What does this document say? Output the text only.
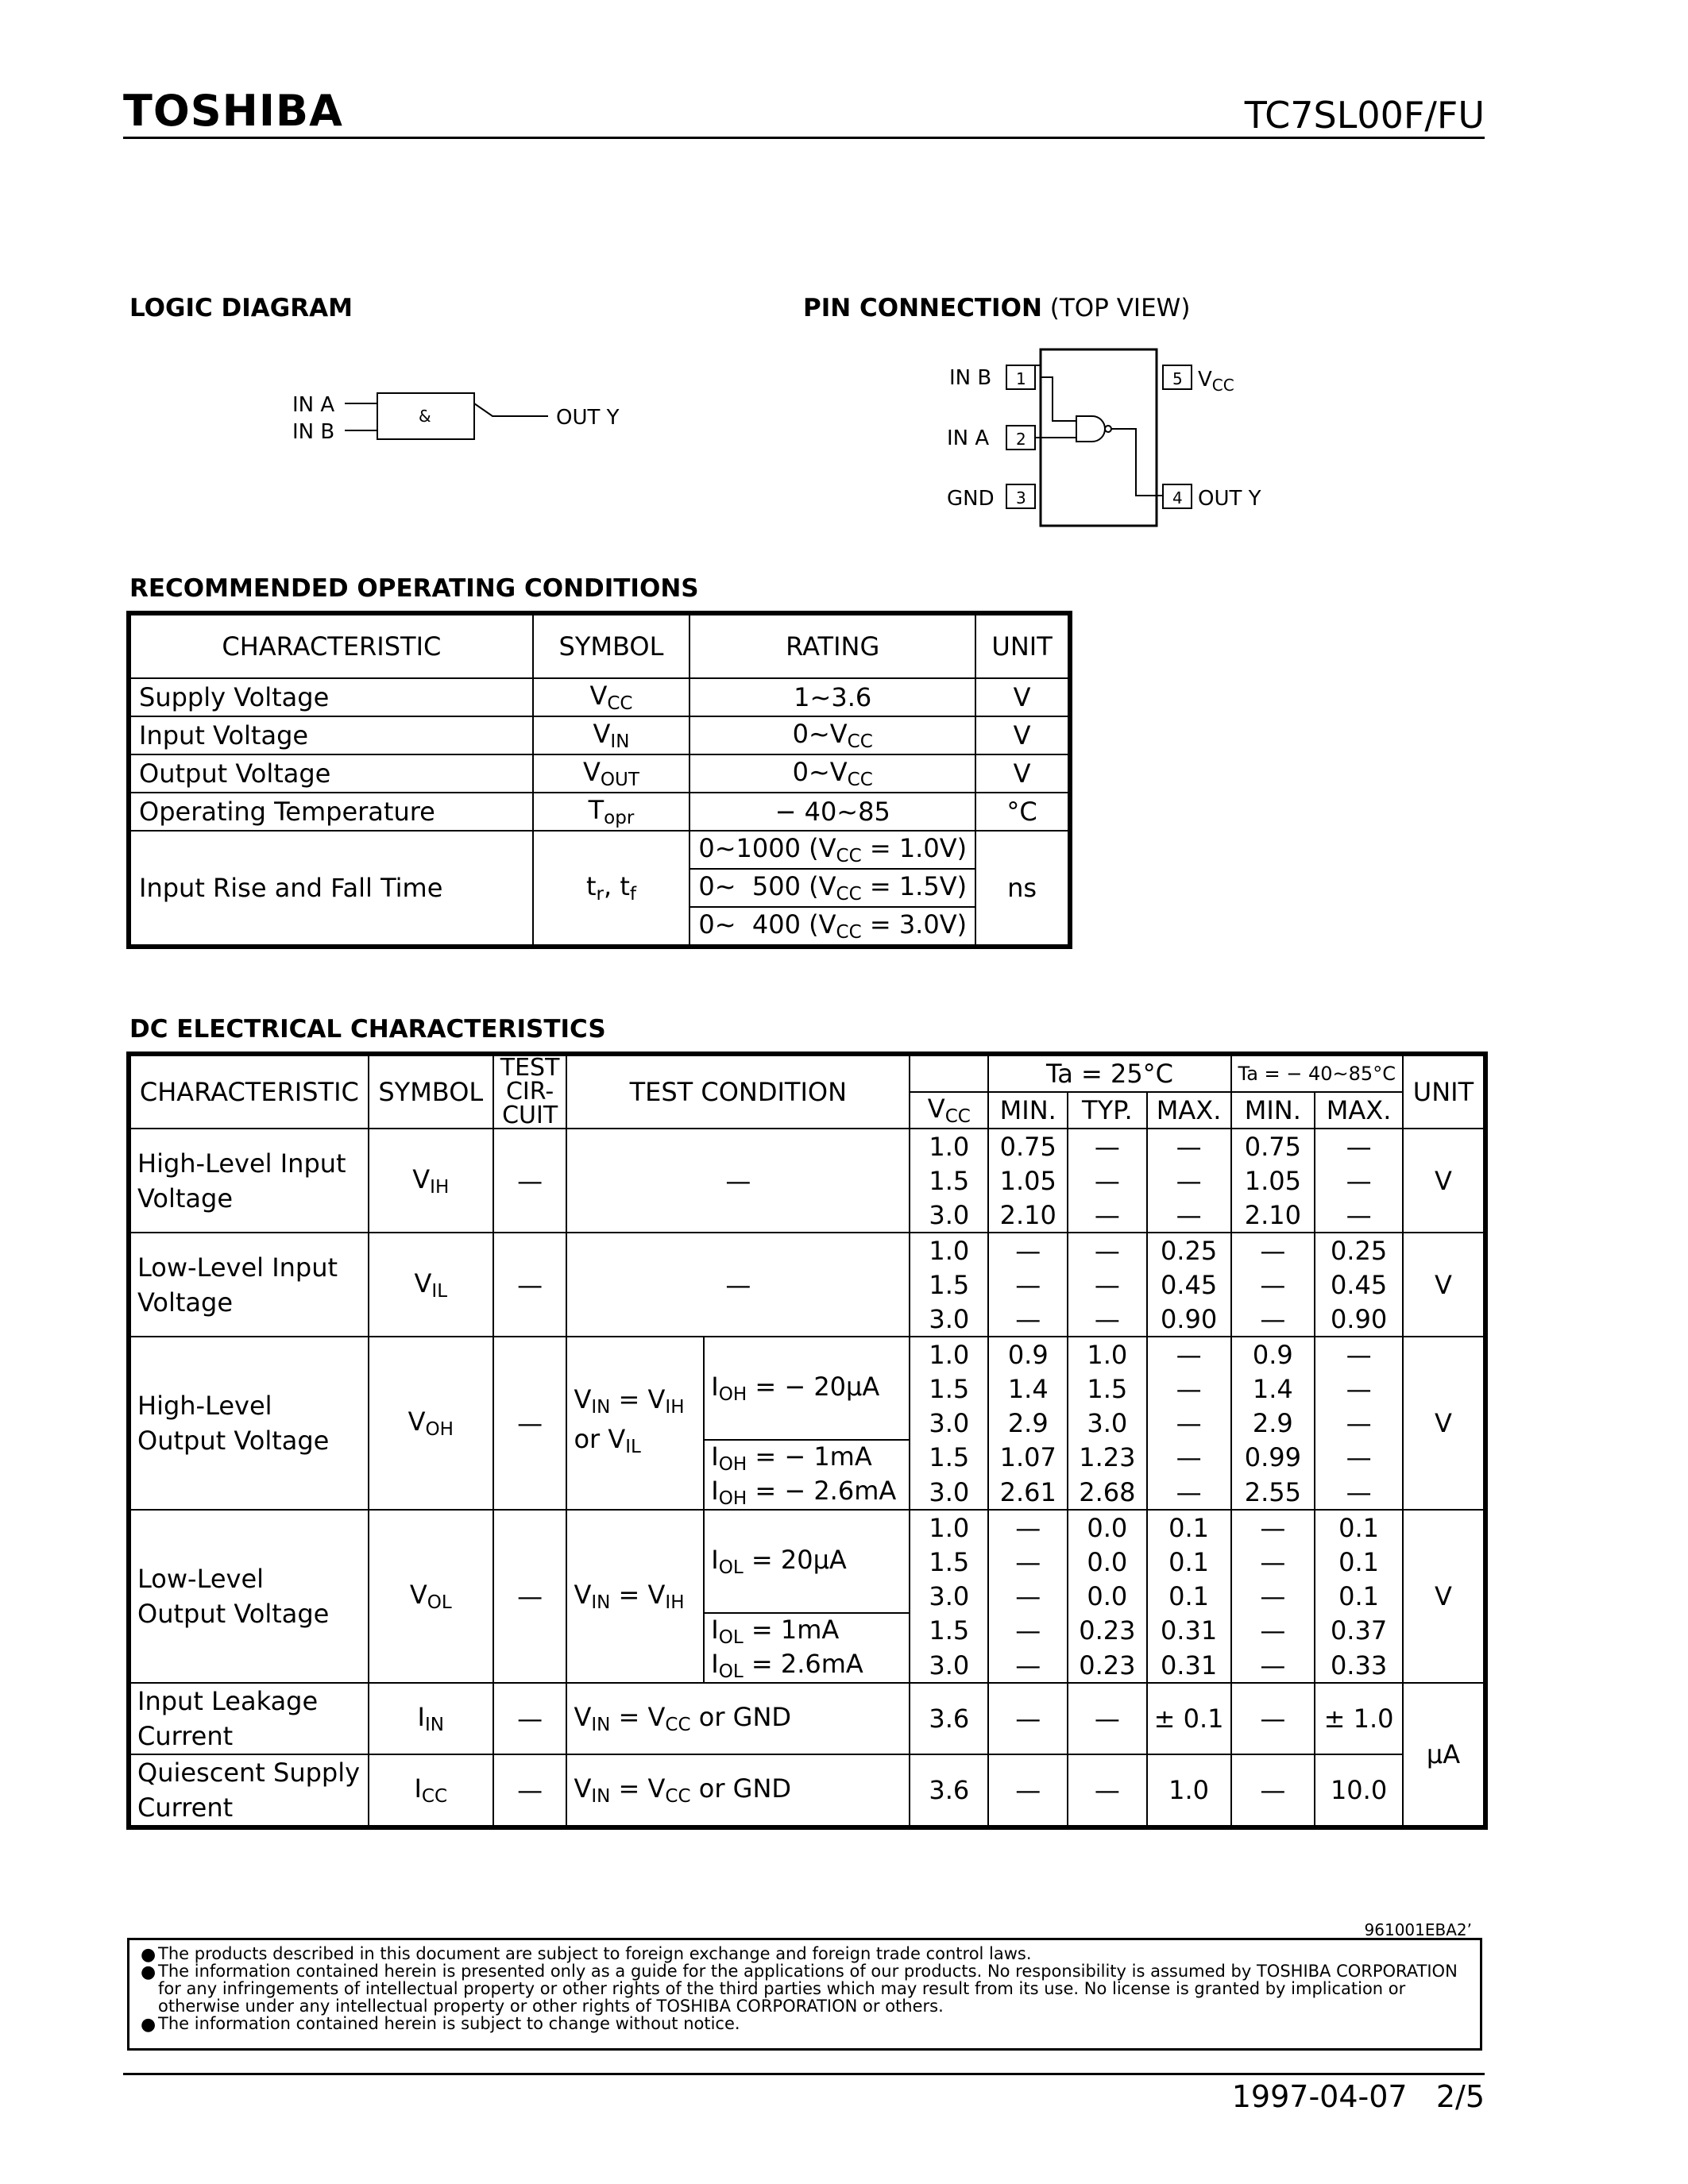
TOSHIBA	TC7SL00F/FU
LOGIC DIAGRAM
IN A
IN B
&	OUT Y
PIN CONNECTION (TOP VIEW)
1
IN B
2
IN A
3
GND
5 $V_{CC}$
4 OUT Y
RECOMMENDED OPERATING CONDITIONS
CHARACTERISTIC	SYMBOL	RATING	UNIT
Supply Voltage	$V_{CC}$	1~3.6	V
Input Voltage	$V_{IN}$	$0\sim V_{CC}$	V
Output Voltage	$V_{OUT}$	$0\sim V_{CC}$	V
Operating Temperature	$T_{opr}$	− 40~85	°C
Input Rise and Fall Time	$t_r$, $t_f$	0~1000 $(V_{CC} = 1.0V)$	ns
		0~  500 $(V_{CC} = 1.5V)$	
		0~  400 $(V_{CC} = 3.0V)$	
DC ELECTRICAL CHARACTERISTICS
CHARACTERISTIC	SYMBOL	TEST
CIR-
CUIT	TEST CONDITION			Ta = 25°C			Ta = − 40~85°C		UNIT
					$V_{CC}$	MIN.	TYP.	MAX.	MIN.	MAX.	
High-Level Input
Voltage	$V_{IH}$	—	—		1.0	0.75	—	—	0.75	—	V
					1.5	1.05	—	—	1.05	—	
					3.0	2.10	—	—	2.10	—	
Low-Level Input
Voltage	$V_{IL}$	—	—		1.0	—	—	0.25	—	0.25	V
					1.5	—	—	0.45	—	0.45	
					3.0	—	—	0.90	—	0.90	
High-Level
Output Voltage	$V_{OH}$	—	$V_{IN} = V_{IH}$
or $V_{IL}$	$I_{OH}$ = − 20μA	1.0	0.9	1.0	—	0.9	—	V
					1.5	1.4	1.5	—	1.4	—	
					3.0	2.9	3.0	—	2.9	—	
				$I_{OH}$ = − 1mA	1.5	1.07	1.23	—	0.99	—	
				$I_{OH}$ = − 2.6mA	3.0	2.61	2.68	—	2.55	—	
Low-Level
Output Voltage	$V_{OL}$	—	$V_{IN} = V_{IH}$	$I_{OL} = 20\mu A$	1.0	—	0.0	0.1	—	0.1	V
					1.5	—	0.0	0.1	—	0.1	
					3.0	—	0.0	0.1	—	0.1	
				$I_{OL} = 1mA$	1.5	—	0.23	0.31	—	0.37	
				$I_{OL} = 2.6mA$	3.0	—	0.23	0.31	—	0.33	
Input Leakage
Current	$I_{IN}$	—	$V_{IN} = V_{CC}$ or GND		3.6	—	—	± 0.1	—	± 1.0	μA
Quiescent Supply
Current	$I_{CC}$	—	$V_{IN} = V_{CC}$ or GND		3.6	—	—	1.0	—	10.0	
961001EBA2’
● The products described in this document are subject to foreign exchange and foreign trade control laws.
● The information contained herein is presented only as a guide for the applications of our products. No responsibility is assumed by TOSHIBA CORPORATION for any infringements of intellectual property or other rights of the third parties which may result from its use. No license is granted by implication or otherwise under any intellectual property or other rights of TOSHIBA CORPORATION or others.
● The information contained herein is subject to change without notice.
1997-04-07 2/5
